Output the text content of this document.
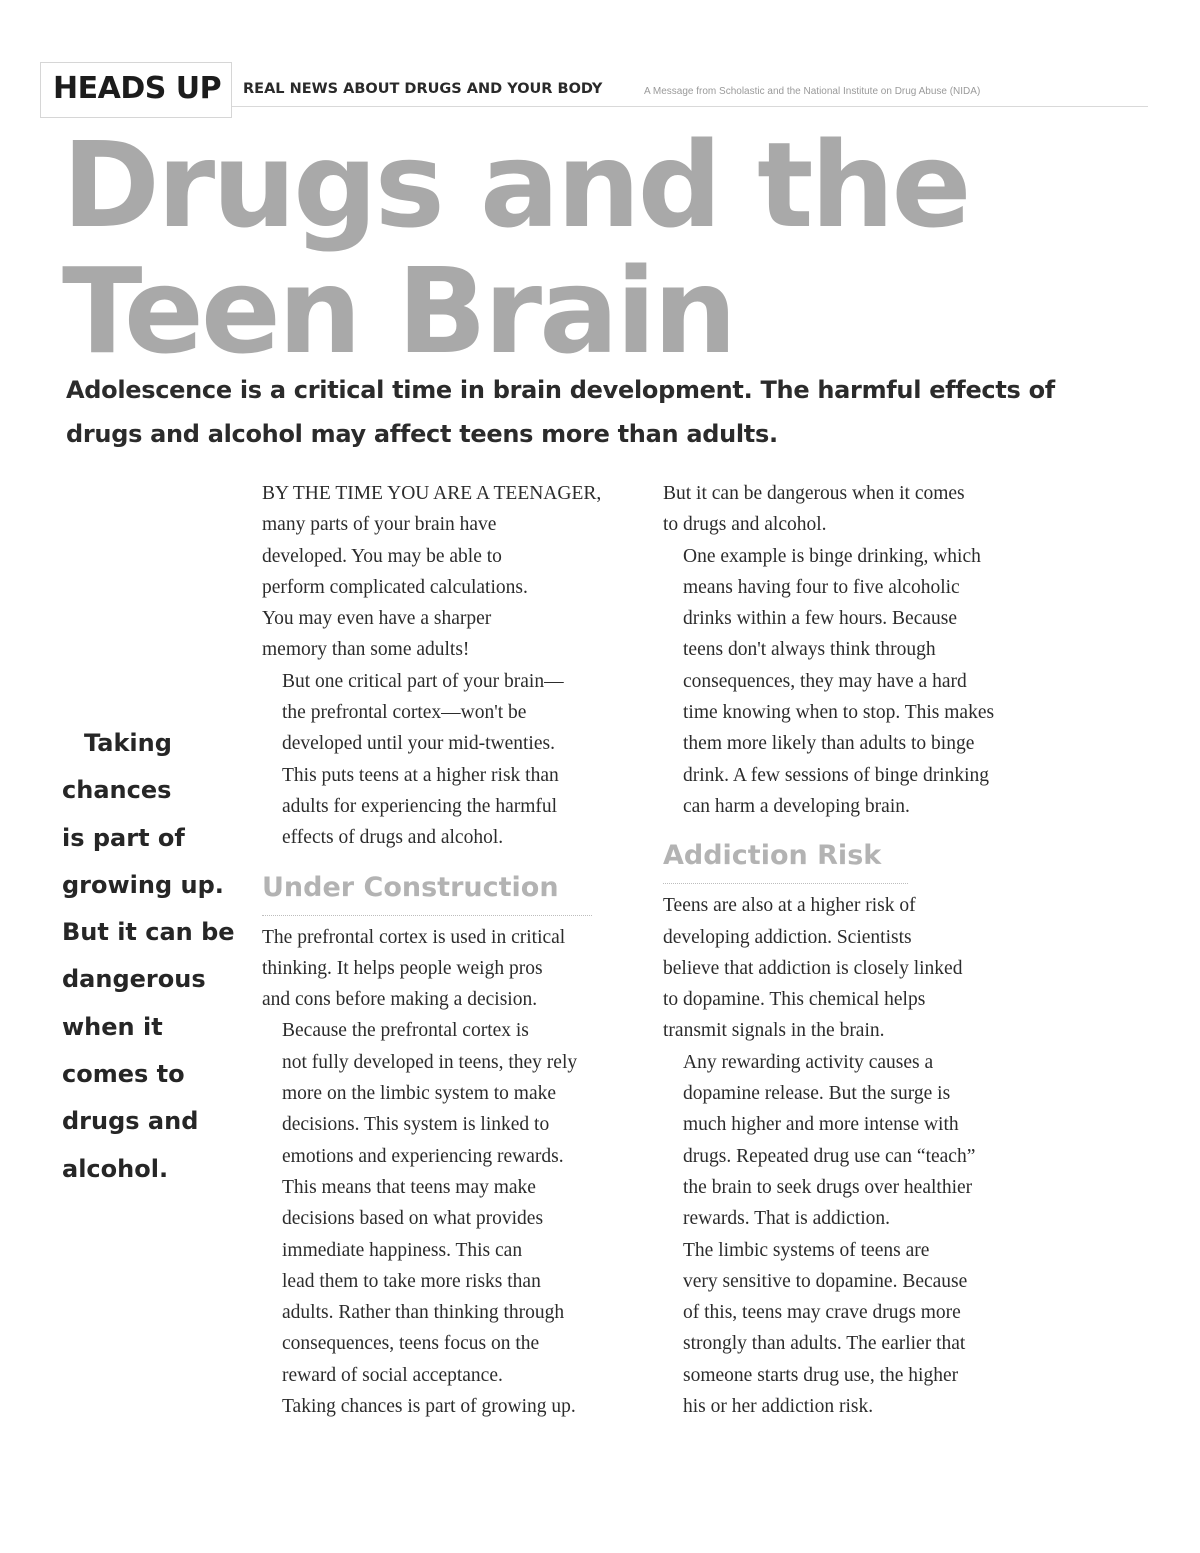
HEADS UP REAL NEWS ABOUT DRUGS AND YOUR BODY	A Message from Scholastic and the National Institute on Drug Abuse (NIDA)
Drugs and the
Teen Brain

Adolescence is a critical time in brain development. The harmful effects of drugs and alcohol may affect teens more than adults.

Taking
chances
is part of
growing up.
But it can be
dangerous
when it
comes to
drugs and
alcohol.

BY THE TIME YOU ARE A TEENAGER,
many parts of your brain have
developed. You may be able to
perform complicated calculations.
You may even have a sharper
memory than some adults!

But one critical part of your brain—
the prefrontal cortex—won't be
developed until your mid-twenties.
This puts teens at a higher risk than
adults for experiencing the harmful
effects of drugs and alcohol.

Under Construction

The prefrontal cortex is used in critical
thinking. It helps people weigh pros
and cons before making a decision.

Because the prefrontal cortex is
not fully developed in teens, they rely
more on the limbic system to make
decisions. This system is linked to
emotions and experiencing rewards.

This means that teens may make
decisions based on what provides
immediate happiness. This can
lead them to take more risks than
adults. Rather than thinking through
consequences, teens focus on the
reward of social acceptance.

Taking chances is part of growing up.

But it can be dangerous when it comes
to drugs and alcohol.

One example is binge drinking, which
means having four to five alcoholic
drinks within a few hours. Because
teens don't always think through
consequences, they may have a hard
time knowing when to stop. This makes
them more likely than adults to binge
drink. A few sessions of binge drinking
can harm a developing brain.

Addiction Risk

Teens are also at a higher risk of
developing addiction. Scientists
believe that addiction is closely linked
to dopamine. This chemical helps
transmit signals in the brain.

Any rewarding activity causes a
dopamine release. But the surge is
much higher and more intense with
drugs. Repeated drug use can “teach”
the brain to seek drugs over healthier
rewards. That is addiction.

The limbic systems of teens are
very sensitive to dopamine. Because
of this, teens may crave drugs more
strongly than adults. The earlier that
someone starts drug use, the higher
his or her addiction risk.
